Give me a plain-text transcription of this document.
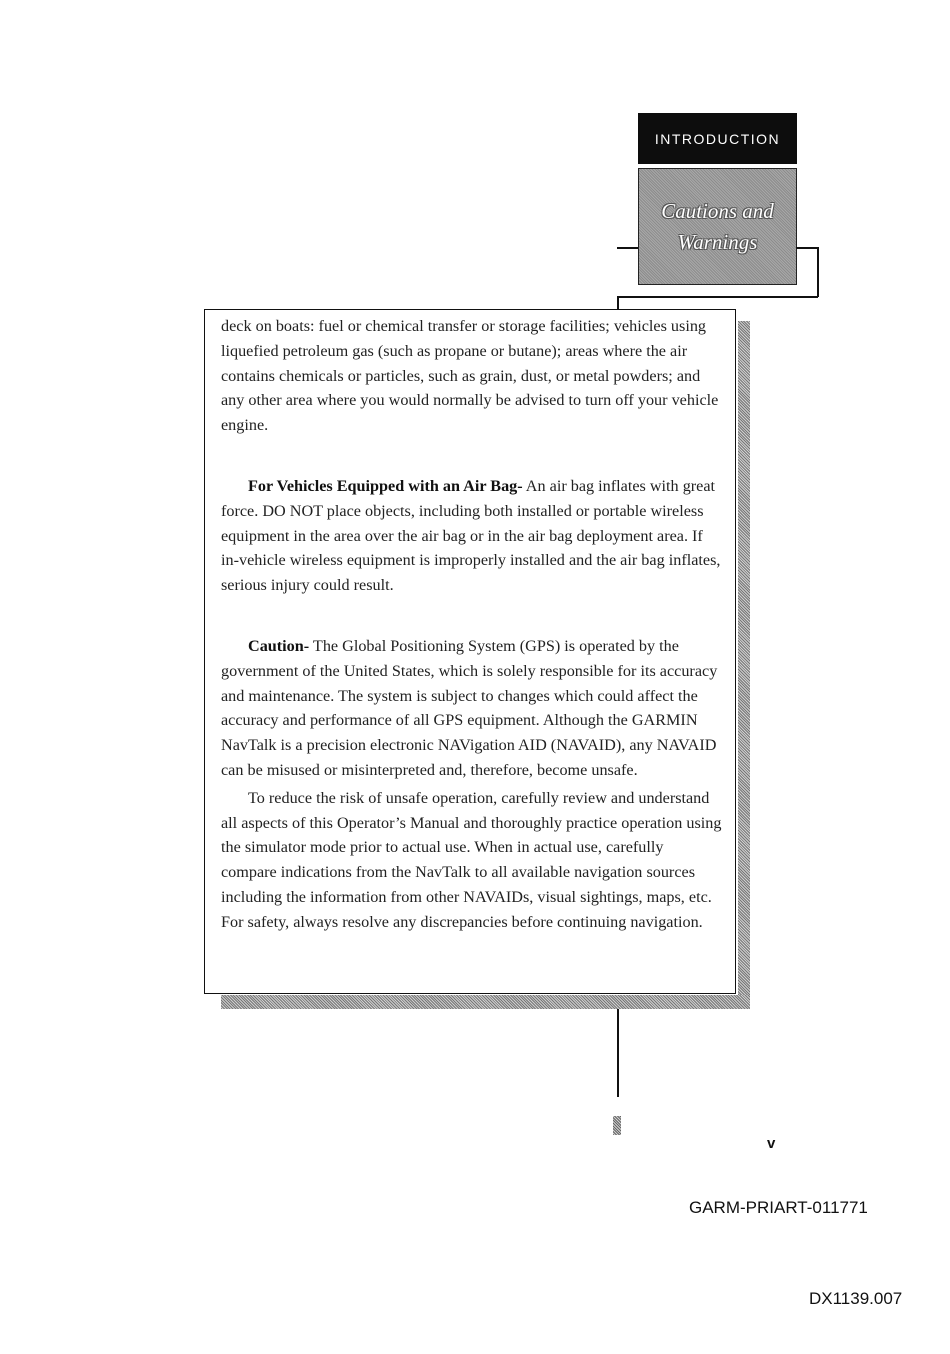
INTRODUCTION
Cautions and Warnings

deck on boats: fuel or chemical transfer or storage facilities; vehicles using liquefied petroleum gas (such as propane or butane); areas where the air contains chemicals or particles, such as grain, dust, or metal powders; and any other area where you would normally be advised to turn off your vehicle engine.

For Vehicles Equipped with an Air Bag- An air bag inflates with great force. DO NOT place objects, including both installed or portable wireless equipment in the area over the air bag or in the air bag deployment area. If in-vehicle wireless equipment is improperly installed and the air bag inflates, serious injury could result.

Caution- The Global Positioning System (GPS) is operated by the government of the United States, which is solely responsible for its accuracy and maintenance. The system is subject to changes which could affect the accuracy and performance of all GPS equipment. Although the GARMIN NavTalk is a precision electronic NAVigation AID (NAVAID), any NAVAID can be misused or misinterpreted and, therefore, become unsafe.

To reduce the risk of unsafe operation, carefully review and understand all aspects of this Operator’s Manual and thoroughly practice operation using the simulator mode prior to actual use. When in actual use, carefully compare indications from the NavTalk to all available navigation sources including the information from other NAVAIDs, visual sightings, maps, etc. For safety, always resolve any discrepancies before continuing navigation.

v
GARM-PRIART-011771
DX1139.007
